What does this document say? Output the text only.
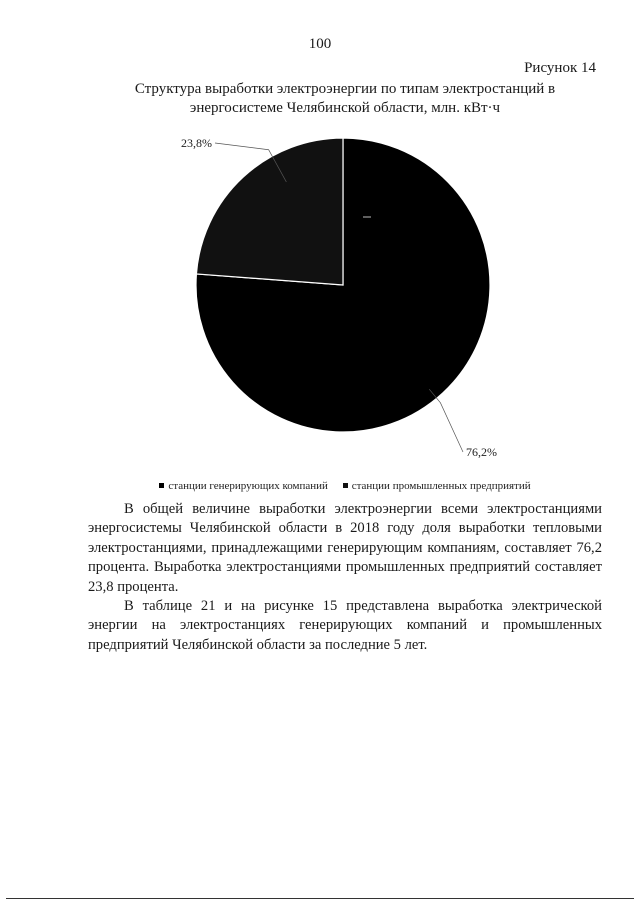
100
Рисунок 14
Структура выработки электроэнергии по типам электростанций в энергосистеме Челябинской области, млн. кВт·ч
76,2%
23,8%
станции генерирующих компаний станции промышленных предприятий

В общей величине выработки электроэнергии всеми электростанциями энергосистемы Челябинской области в 2018 году доля выработки тепловыми электростанциями, принадлежащими генерирующим компаниям, составляет 76,2 процента. Выработка электростанциями промышленных предприятий составляет 23,8 процента.

В таблице 21 и на рисунке 15 представлена выработка электрической энергии на электростанциях генерирующих компаний и промышленных предприятий Челябинской области за последние 5 лет.
